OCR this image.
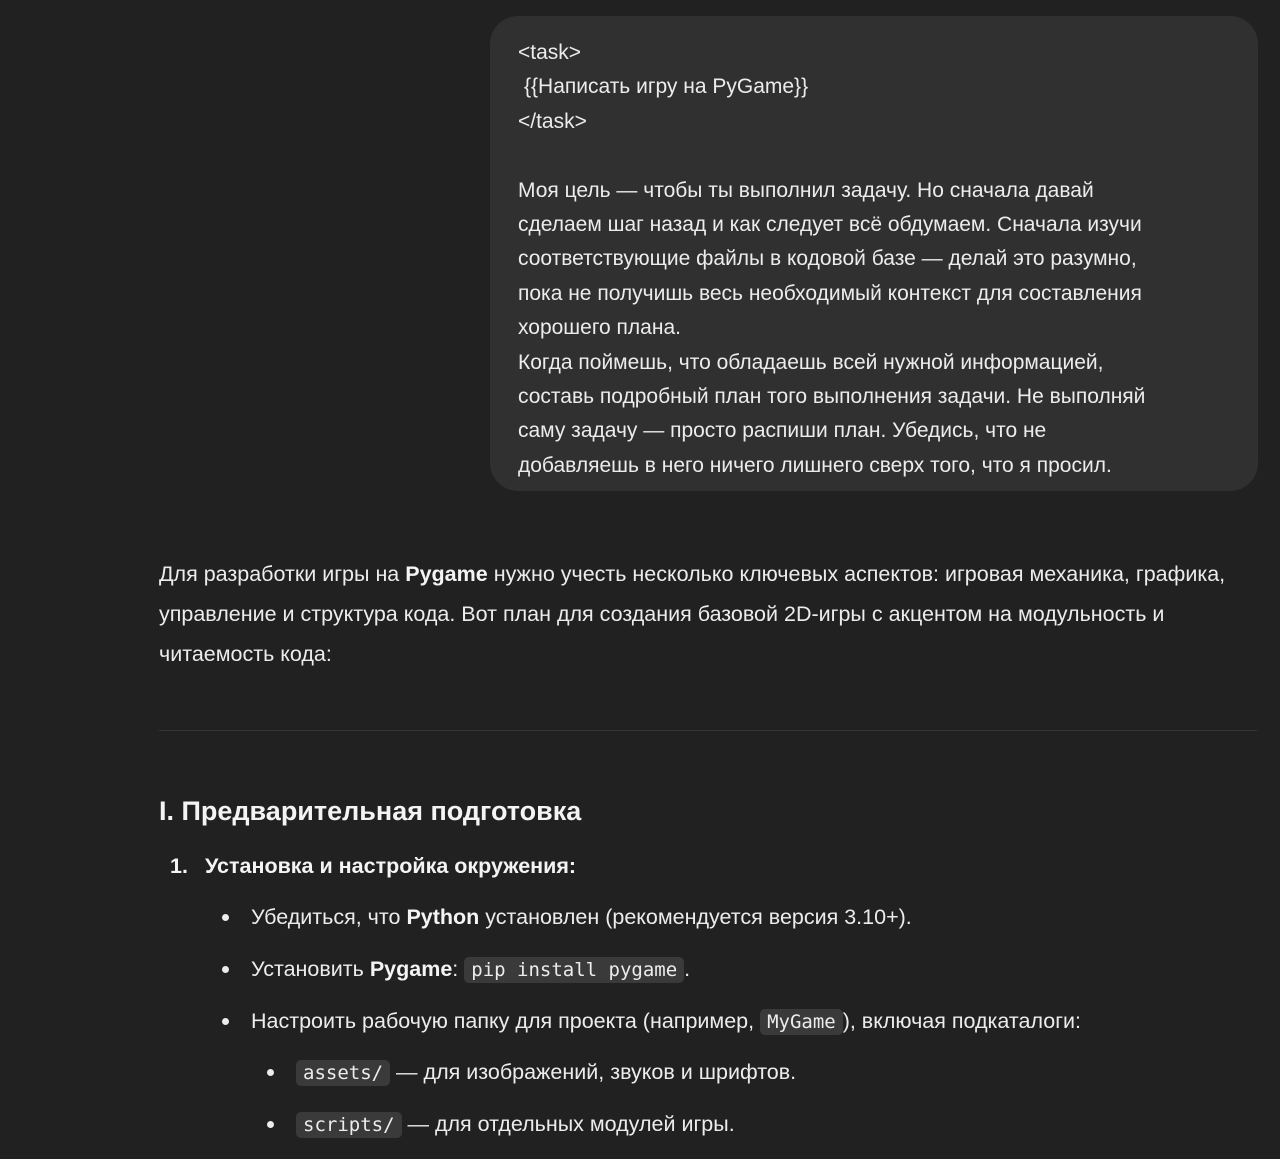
<task>
{{Написать игру на PyGame}}
</task>
Моя цель — чтобы ты выполнил задачу. Но сначала давай
сделаем шаг назад и как следует всё обдумаем. Сначала изучи
соответствующие файлы в кодовой базе — делай это разумно,
пока не получишь весь необходимый контекст для составления
хорошего плана.
Когда поймешь, что обладаешь всей нужной информацией,
составь подробный план того выполнения задачи. Не выполняй
саму задачу — просто распиши план. Убедись, что не
добавляешь в него ничего лишнего сверх того, что я просил.
Для разработки игры на Pygame нужно учесть несколько ключевых аспектов: игровая механика, графика, управление и структура кода. Вот план для создания базовой 2D-игры с акцентом на модульность и читаемость кода:
I. Предварительная подготовка
1. Установка и настройка окружения:
Убедиться, что Python установлен (рекомендуется версия 3.10+).
Установить Pygame: pip install pygame .
Настроить рабочую папку для проекта (например, MyGame ), включая подкаталоги:
assets/ — для изображений, звуков и шрифтов.
scripts/ — для отдельных модулей игры.
